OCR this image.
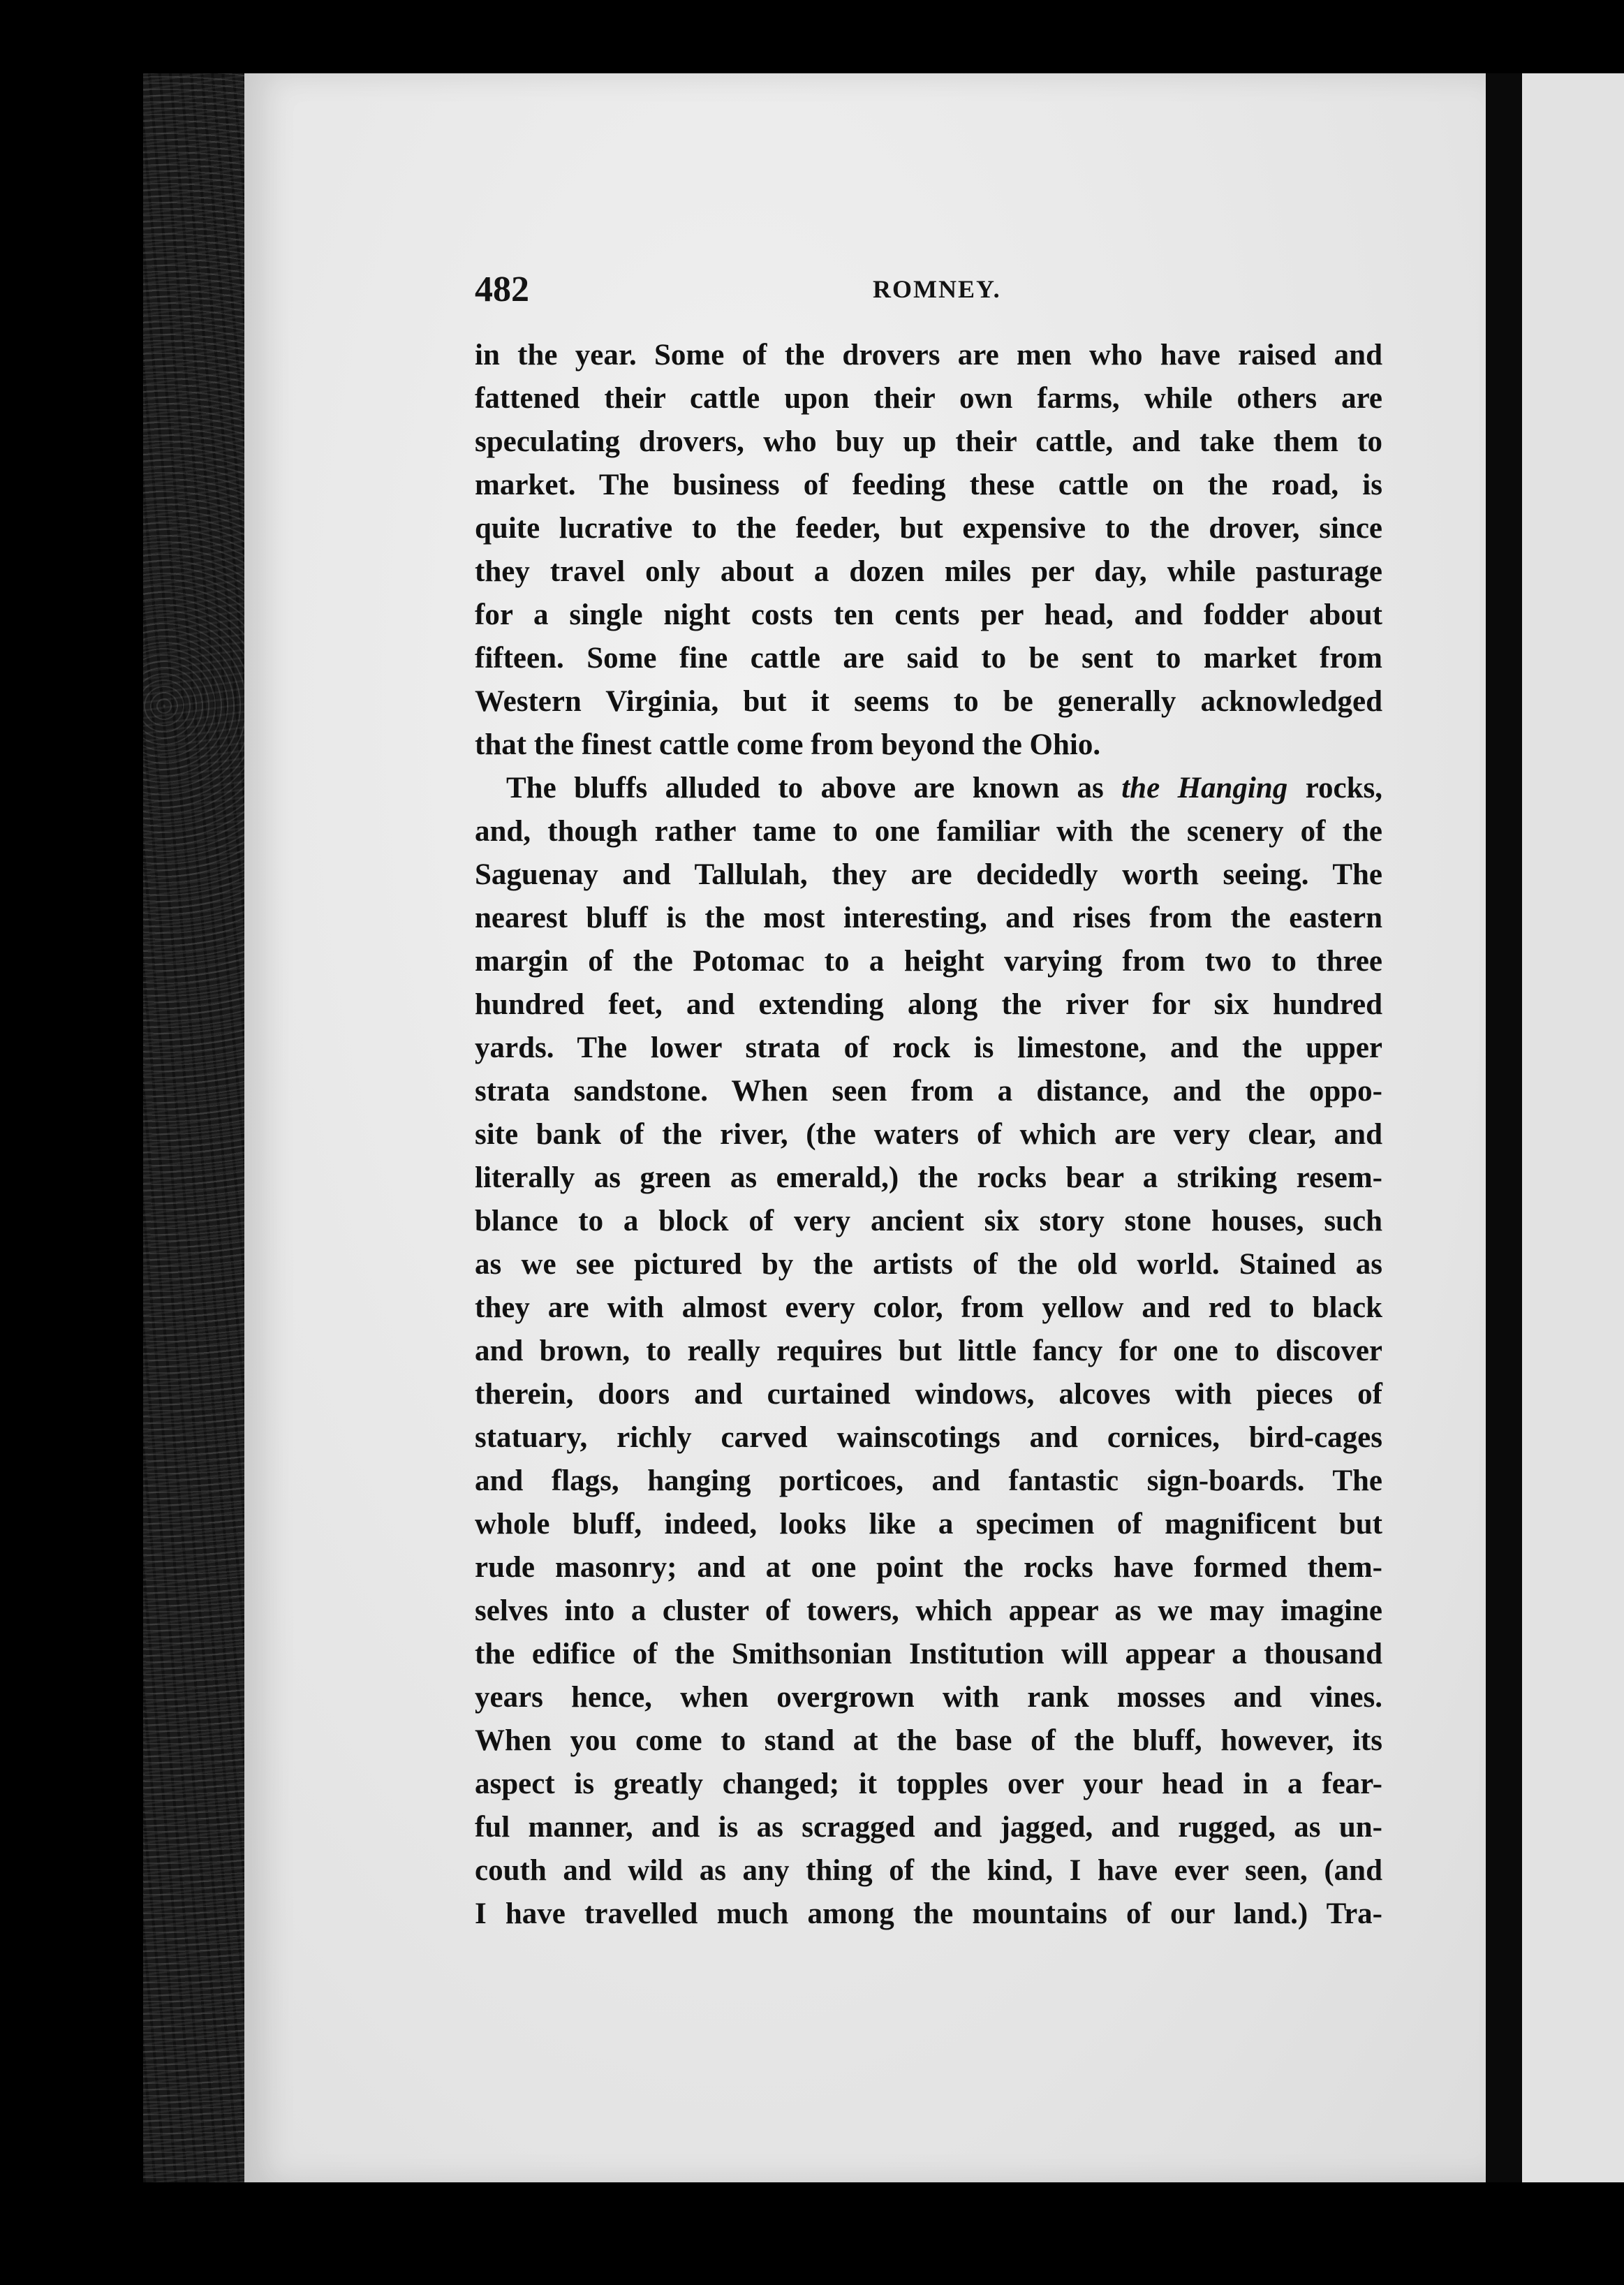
482	ROMNEY.
in the year. Some of the drovers are men who have raised and
fattened their cattle upon their own farms, while others are
speculating drovers, who buy up their cattle, and take them to
market. The business of feeding these cattle on the road, is
quite lucrative to the feeder, but expensive to the drover, since
they travel only about a dozen miles per day, while pasturage
for a single night costs ten cents per head, and fodder about
fifteen. Some fine cattle are said to be sent to market from
Western Virginia, but it seems to be generally acknowledged
that the finest cattle come from beyond the Ohio.
The bluffs alluded to above are known as the Hanging rocks,
and, though rather tame to one familiar with the scenery of the
Saguenay and Tallulah, they are decidedly worth seeing. The
nearest bluff is the most interesting, and rises from the eastern
margin of the Potomac to a height varying from two to three
hundred feet, and extending along the river for six hundred
yards. The lower strata of rock is limestone, and the upper
strata sandstone. When seen from a distance, and the oppo-
site bank of the river, (the waters of which are very clear, and
literally as green as emerald,) the rocks bear a striking resem-
blance to a block of very ancient six story stone houses, such
as we see pictured by the artists of the old world. Stained as
they are with almost every color, from yellow and red to black
and brown, to really requires but little fancy for one to discover
therein, doors and curtained windows, alcoves with pieces of
statuary, richly carved wainscotings and cornices, bird-cages
and flags, hanging porticoes, and fantastic sign-boards. The
whole bluff, indeed, looks like a specimen of magnificent but
rude masonry; and at one point the rocks have formed them-
selves into a cluster of towers, which appear as we may imagine
the edifice of the Smithsonian Institution will appear a thousand
years hence, when overgrown with rank mosses and vines.
When you come to stand at the base of the bluff, however, its
aspect is greatly changed; it topples over your head in a fear-
ful manner, and is as scragged and jagged, and rugged, as un-
couth and wild as any thing of the kind, I have ever seen, (and
I have travelled much among the mountains of our land.) Tra-
